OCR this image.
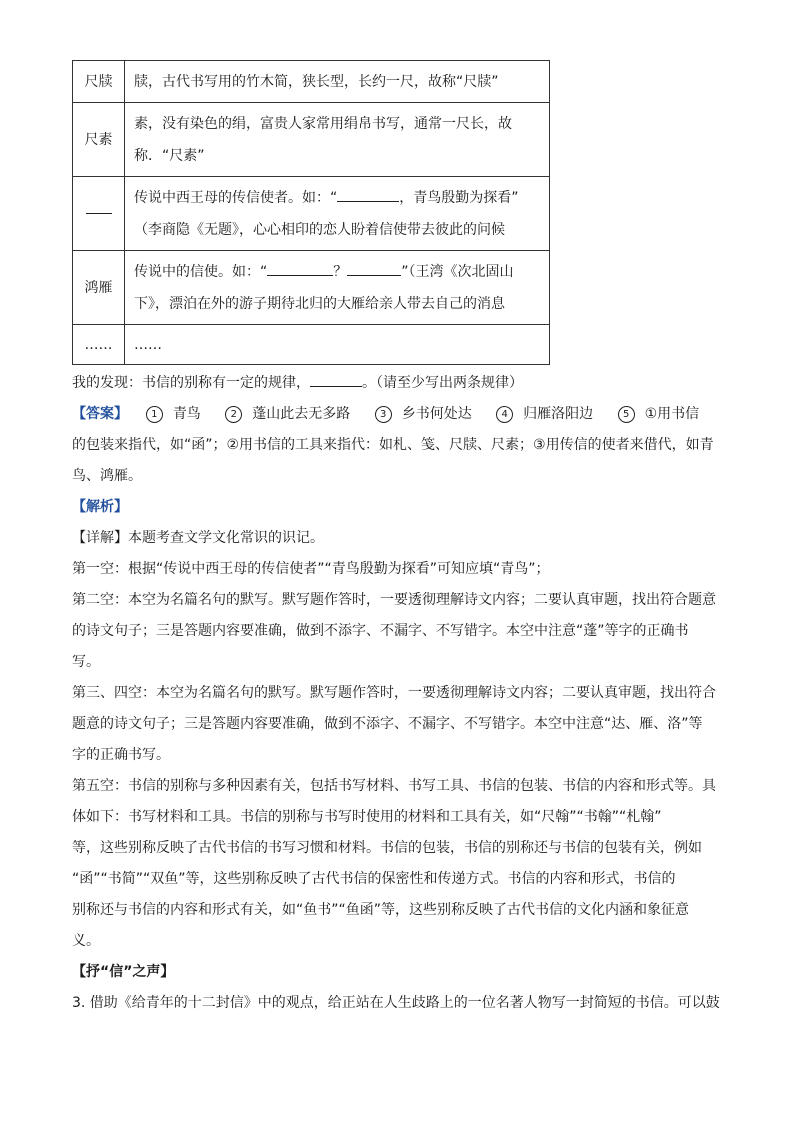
尺牍	牍，古代书写用的竹木简，狭长型，长约一尺，故称“尺牍”
尺素	素，没有染色的绢，富贵人家常用绢帛书写，通常一尺长，故
称．“尺素”

	传说中西王母的传信使者。如：“ ，青鸟殷勤为探看”
（李商隐《无题》，心心相印的恋人盼着信使带去彼此的问候

鸿雁	传说中的信使。如：“ ？ ”（王湾《次北固山
下》，漂泊在外的游子期待北归的大雁给亲人带去自己的消息

……	……

我的发现：书信的别称有一定的规律，	。（请至少写出两条规律）

【答案】 1 青鸟	2 蓬山此去无多路	3 乡书何处达	4 归雁洛阳边	5 ①用书信

的包装来指代，如“函”；②用书信的工具来指代：如札、笺、尺牍、尺素；③用传信的使者来借代，如青

鸟、鸿雁。

【解析】

【详解】本题考查文学文化常识的识记。

第一空：根据“传说中西王母的传信使者”“青鸟殷勤为探看”可知应填“青鸟”；

第二空：本空为名篇名句的默写。默写题作答时，一要透彻理解诗文内容；二要认真审题，找出符合题意

的诗文句子；三是答题内容要准确，做到不添字、不漏字、不写错字。本空中注意“蓬”等字的正确书

写。

第三、四空：本空为名篇名句的默写。默写题作答时，一要透彻理解诗文内容；二要认真审题，找出符合

题意的诗文句子；三是答题内容要准确，做到不添字、不漏字、不写错字。本空中注意“达、雁、洛”等

字的正确书写。

第五空：书信的别称与多种因素有关，包括书写材料、书写工具、书信的包装、书信的内容和形式等。具

体如下：书写材料和工具。书信的别称与书写时使用的材料和工具有关，如“尺翰”“书翰”“札翰”

等，这些别称反映了古代书信的书写习惯和材料。书信的包装，书信的别称还与书信的包装有关，例如

“函”“书简”“双鱼”等，这些别称反映了古代书信的保密性和传递方式。书信的内容和形式，书信的

别称还与书信的内容和形式有关，如“鱼书”“鱼函”等，这些别称反映了古代书信的文化内涵和象征意

义。

【抒“信”之声】

3. 借助《给青年的十二封信》中的观点，给正站在人生歧路上的一位名著人物写一封简短的书信。可以鼓
